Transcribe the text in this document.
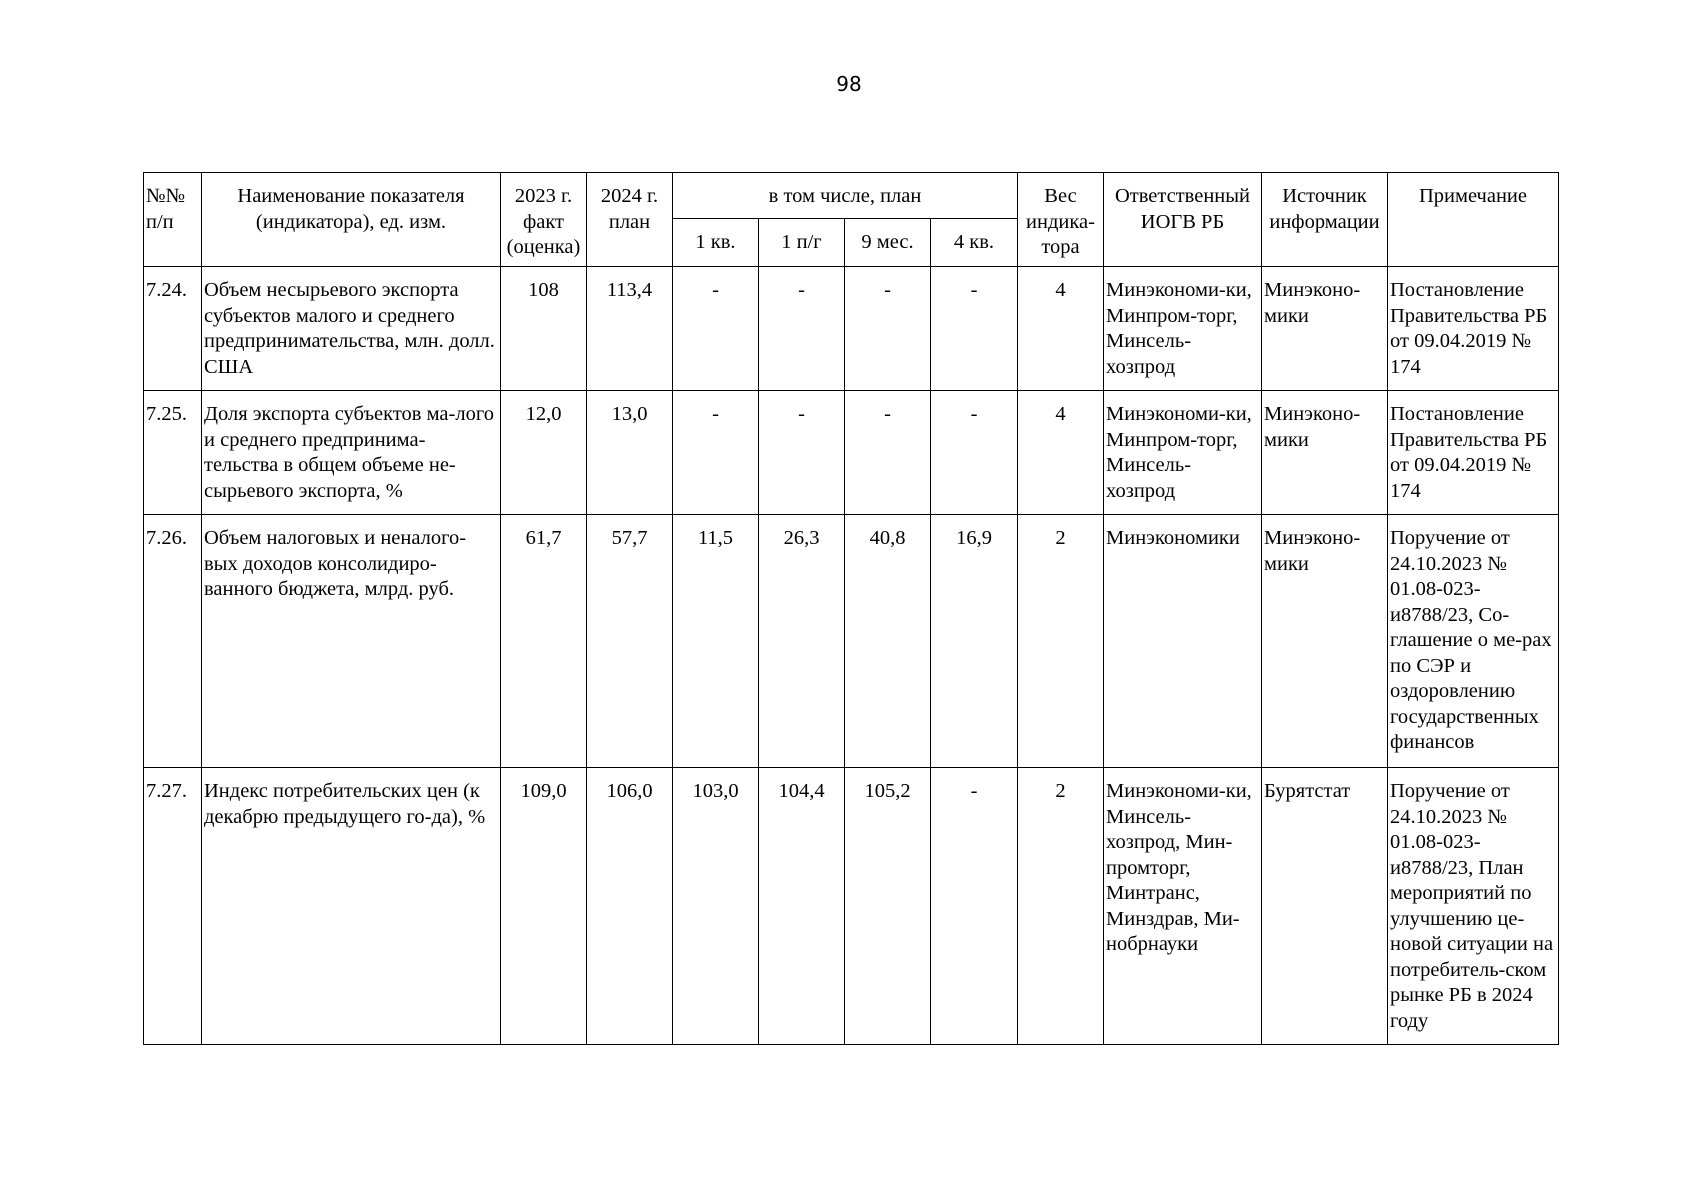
98
№№ п/п	Наименование показателя (индикатора), ед. изм.	2023 г. факт (оценка)	2024 г. план	в том числе, план				Вес индика-тора	Ответственный ИОГВ РБ	Источник информации	Примечание
				1 кв.	1 п/г	9 мес.	4 кв.				
7.24.	Объем несырьевого экспорта субъектов малого и среднего предпринимательства, млн. долл. США	108	113,4	-	-	-	-	4	Минэкономи-ки, Минпром-торг, Минсель-хозпрод	Минэконо-мики	Постановление Правительства РБ от 09.04.2019 № 174
7.25.	Доля экспорта субъектов ма-лого и среднего предпринима-тельства в общем объеме не-сырьевого экспорта, %	12,0	13,0	-	-	-	-	4	Минэкономи-ки, Минпром-торг, Минсель-хозпрод	Минэконо-мики	Постановление Правительства РБ от 09.04.2019 № 174
7.26.	Объем налоговых и неналого-вых доходов консолидиро-ванного бюджета, млрд. руб.	61,7	57,7	11,5	26,3	40,8	16,9	2	Минэкономики	Минэконо-мики	Поручение от 24.10.2023 № 01.08-023-и8788/23, Со-глашение о ме-рах по СЭР и оздоровлению государственных финансов
7.27.	Индекс потребительских цен (к декабрю предыдущего го-да), %	109,0	106,0	103,0	104,4	105,2	-	2	Минэкономи-ки, Минсель-хозпрод, Мин-промторг, Минтранс, Минздрав, Ми-нобрнауки	Бурятстат	Поручение от 24.10.2023 № 01.08-023-и8788/23, План мероприятий по улучшению це-новой ситуации на потребитель-ском рынке РБ в 2024 году
